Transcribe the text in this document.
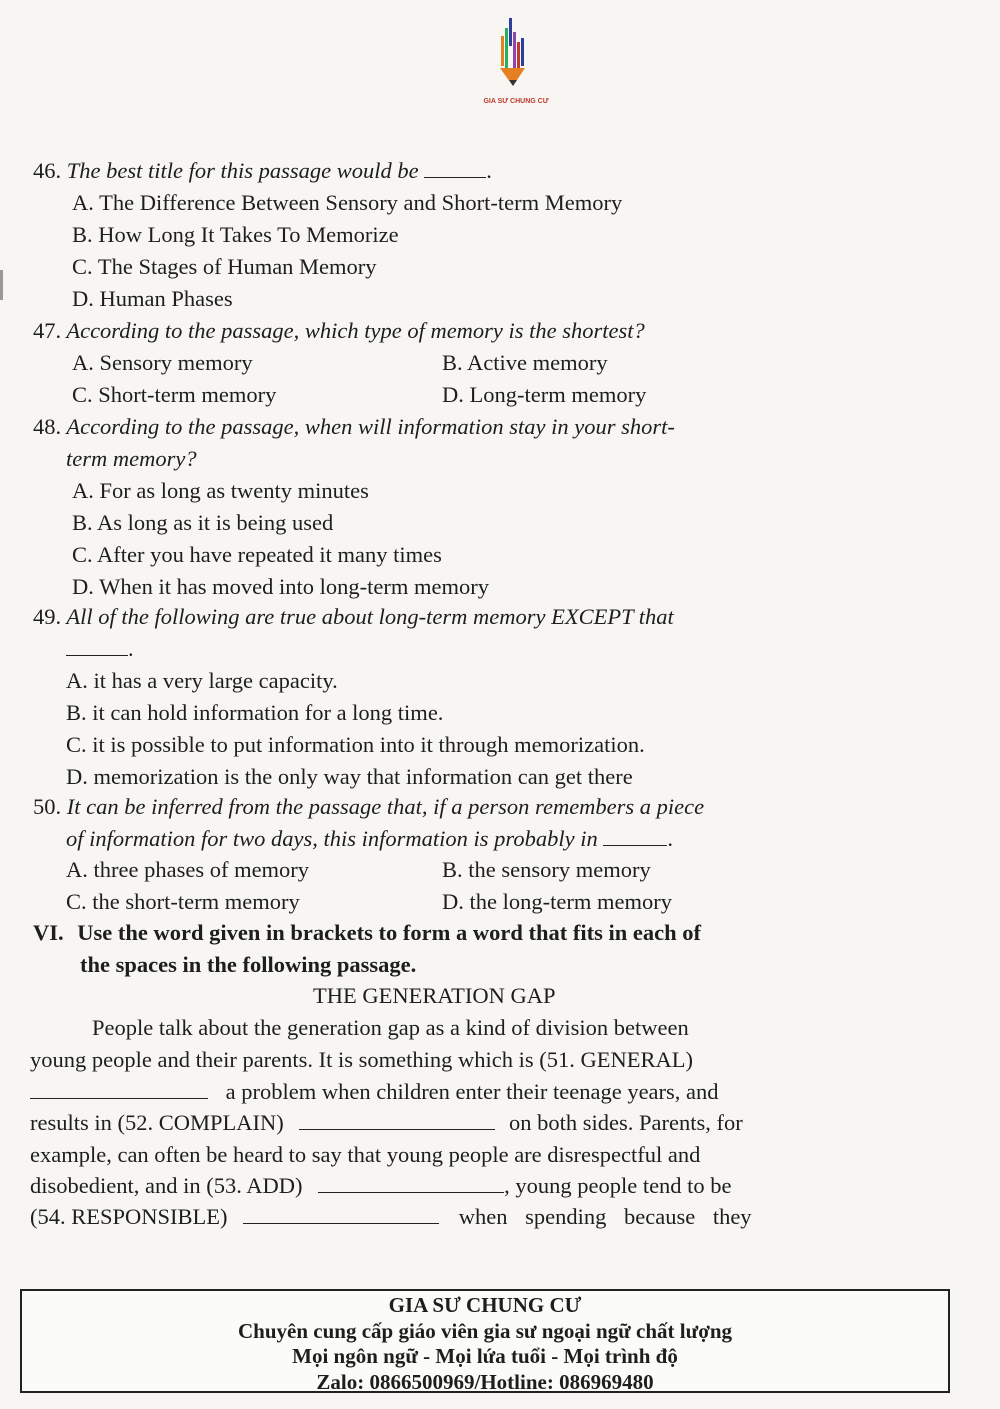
GIA SƯ CHUNG CƯ
46. The best title for this passage would be	.
A. The Difference Between Sensory and Short-term Memory
B. How Long It Takes To Memorize
C. The Stages of Human Memory
D. Human Phases
47. According to the passage, which type of memory is the shortest?
A. Sensory memory	B. Active memory
C. Short-term memory	D. Long-term memory
48. According to the passage, when will information stay in your short-
term memory?
A. For as long as twenty minutes
B. As long as it is being used
C. After you have repeated it many times
D. When it has moved into long-term memory
49. All of the following are true about long-term memory EXCEPT that
.
A. it has a very large capacity.
B. it can hold information for a long time.
C. it is possible to put information into it through memorization.
D. memorization is the only way that information can get there
50. It can be inferred from the passage that, if a person remembers a piece
of information for two days, this information is probably in	.
A. three phases of memory	B. the sensory memory
C. the short-term memory	D. the long-term memory
VI. Use the word given in brackets to form a word that fits in each of
the spaces in the following passage.
THE GENERATION GAP
People talk about the generation gap as a kind of division between
young people and their parents. It is something which is (51. GENERAL)
a problem when children enter their teenage years, and
results in (52. COMPLAIN)	on both sides. Parents, for
example, can often be heard to say that young people are disrespectful and
disobedient, and in (53. ADD)	, young people tend to be
(54. RESPONSIBLE)	when spending because they
GIA SƯ CHUNG CƯ
Chuyên cung cấp giáo viên gia sư ngoại ngữ chất lượng
Mọi ngôn ngữ - Mọi lứa tuổi - Mọi trình độ
Zalo: 0866500969/Hotline: 086969480
